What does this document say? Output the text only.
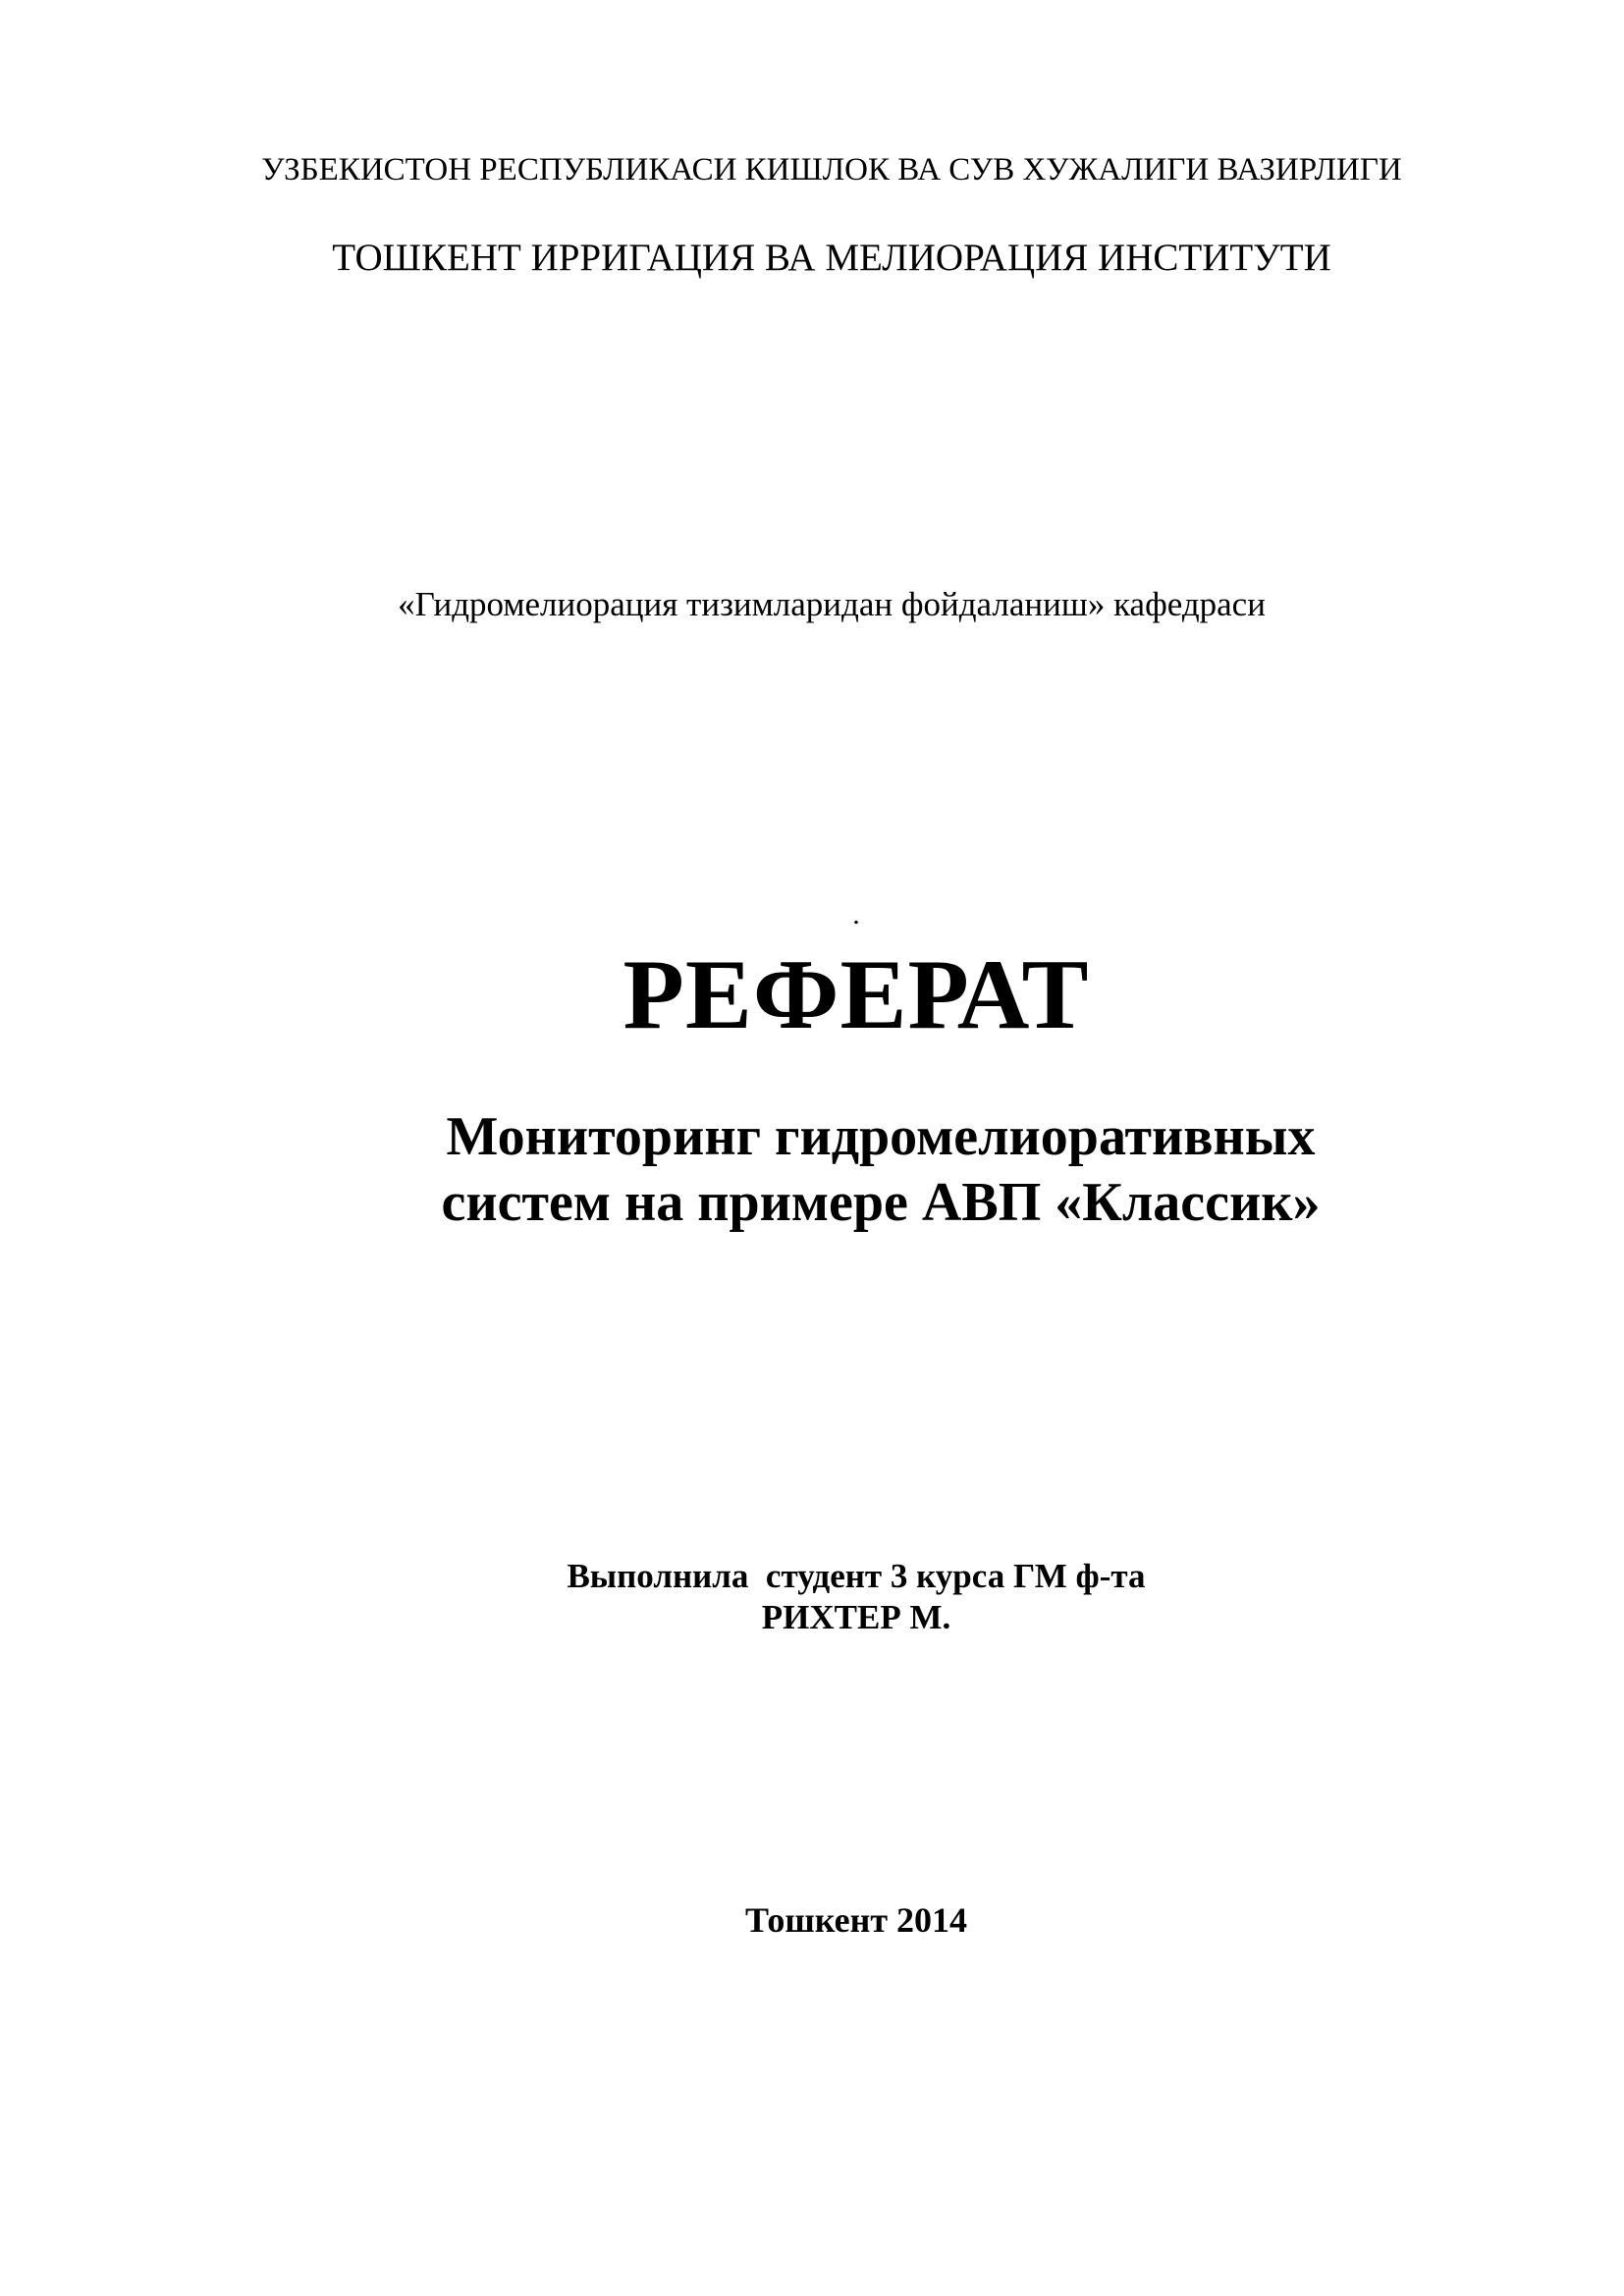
УЗБЕКИСТОН РЕСПУБЛИКАСИ КИШЛОК ВА СУВ ХУЖАЛИГИ ВАЗИРЛИГИ
ТОШКЕНТ ИРРИГАЦИЯ ВА МЕЛИОРАЦИЯ ИНСТИТУТИ
«Гидромелиорация тизимларидан фойдаланиш» кафедраси
.
РЕФЕРАТ
Мониторинг гидромелиоративных
систем на примере АВП «Классик»
Выполнила  студент 3 курса ГМ ф-та
РИХТЕР М.
Тошкент 2014
